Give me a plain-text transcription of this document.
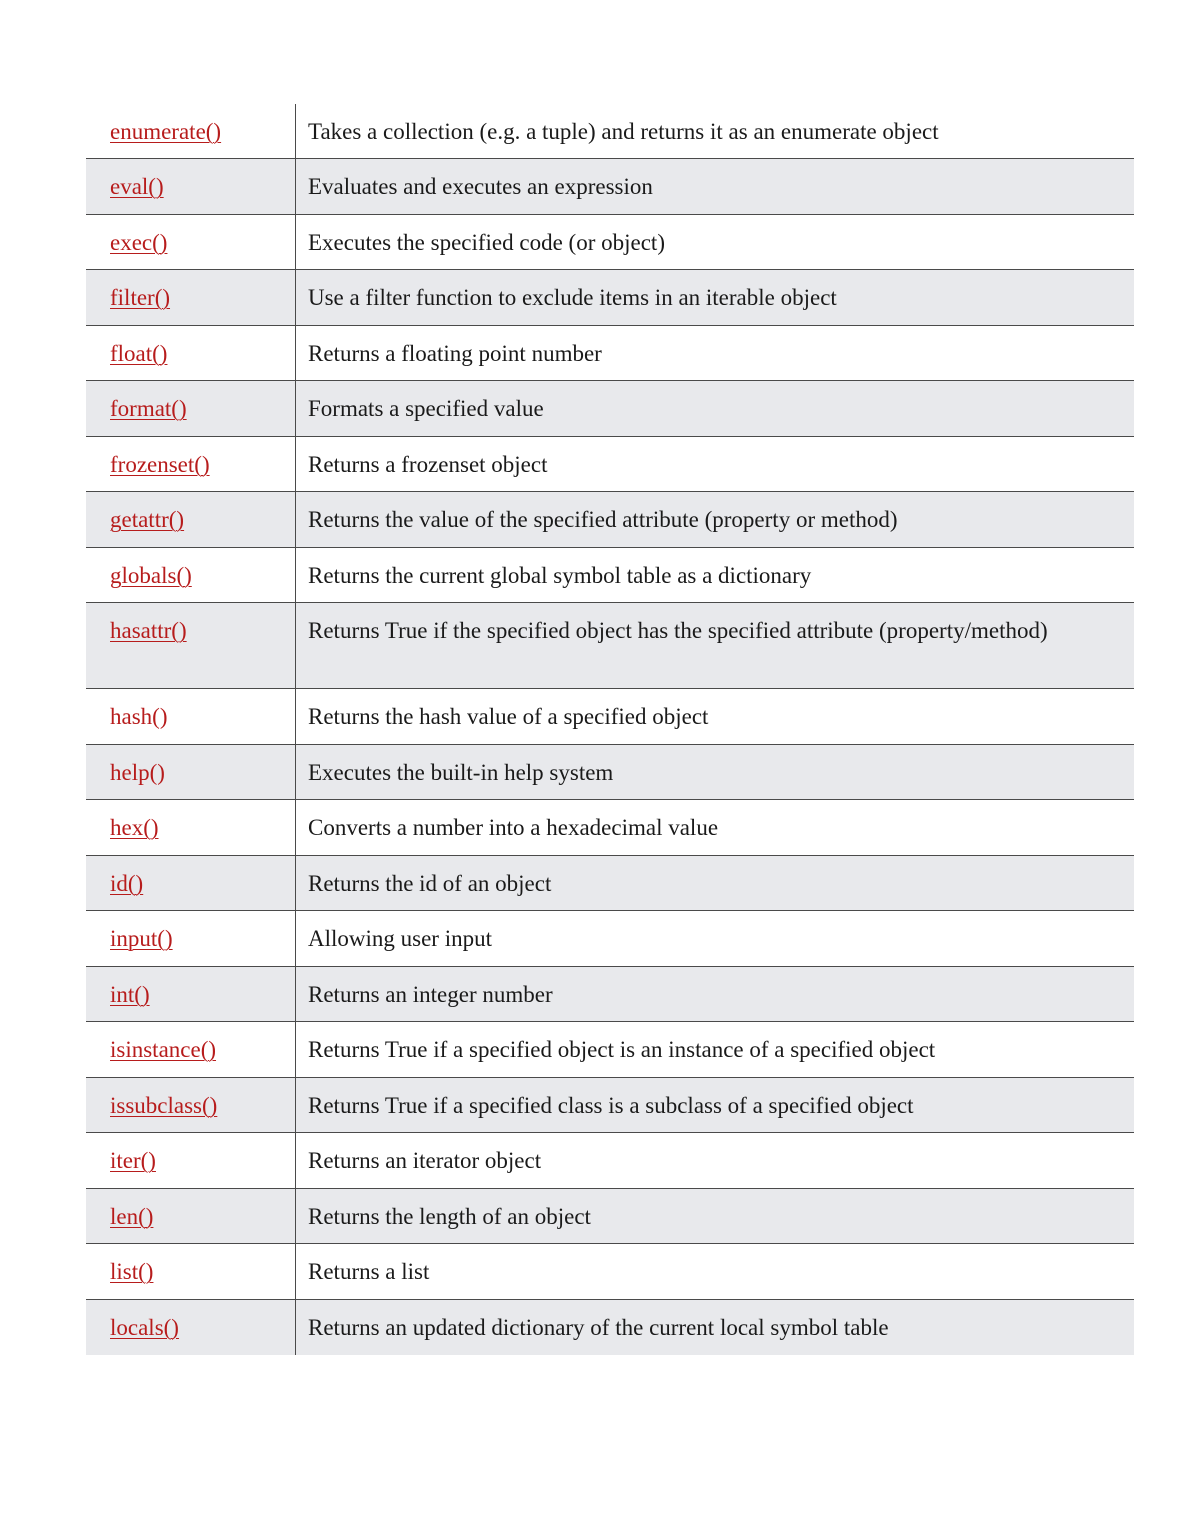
enumerate()	Takes a collection (e.g. a tuple) and returns it as an enumerate object
eval()	Evaluates and executes an expression
exec()	Executes the specified code (or object)
filter()	Use a filter function to exclude items in an iterable object
float()	Returns a floating point number
format()	Formats a specified value
frozenset()	Returns a frozenset object
getattr()	Returns the value of the specified attribute (property or method)
globals()	Returns the current global symbol table as a dictionary
hasattr()	Returns True if the specified object has the specified attribute (property/method)
hash()	Returns the hash value of a specified object
help()	Executes the built-in help system
hex()	Converts a number into a hexadecimal value
id()	Returns the id of an object
input()	Allowing user input
int()	Returns an integer number
isinstance()	Returns True if a specified object is an instance of a specified object
issubclass()	Returns True if a specified class is a subclass of a specified object
iter()	Returns an iterator object
len()	Returns the length of an object
list()	Returns a list
locals()	Returns an updated dictionary of the current local symbol table
